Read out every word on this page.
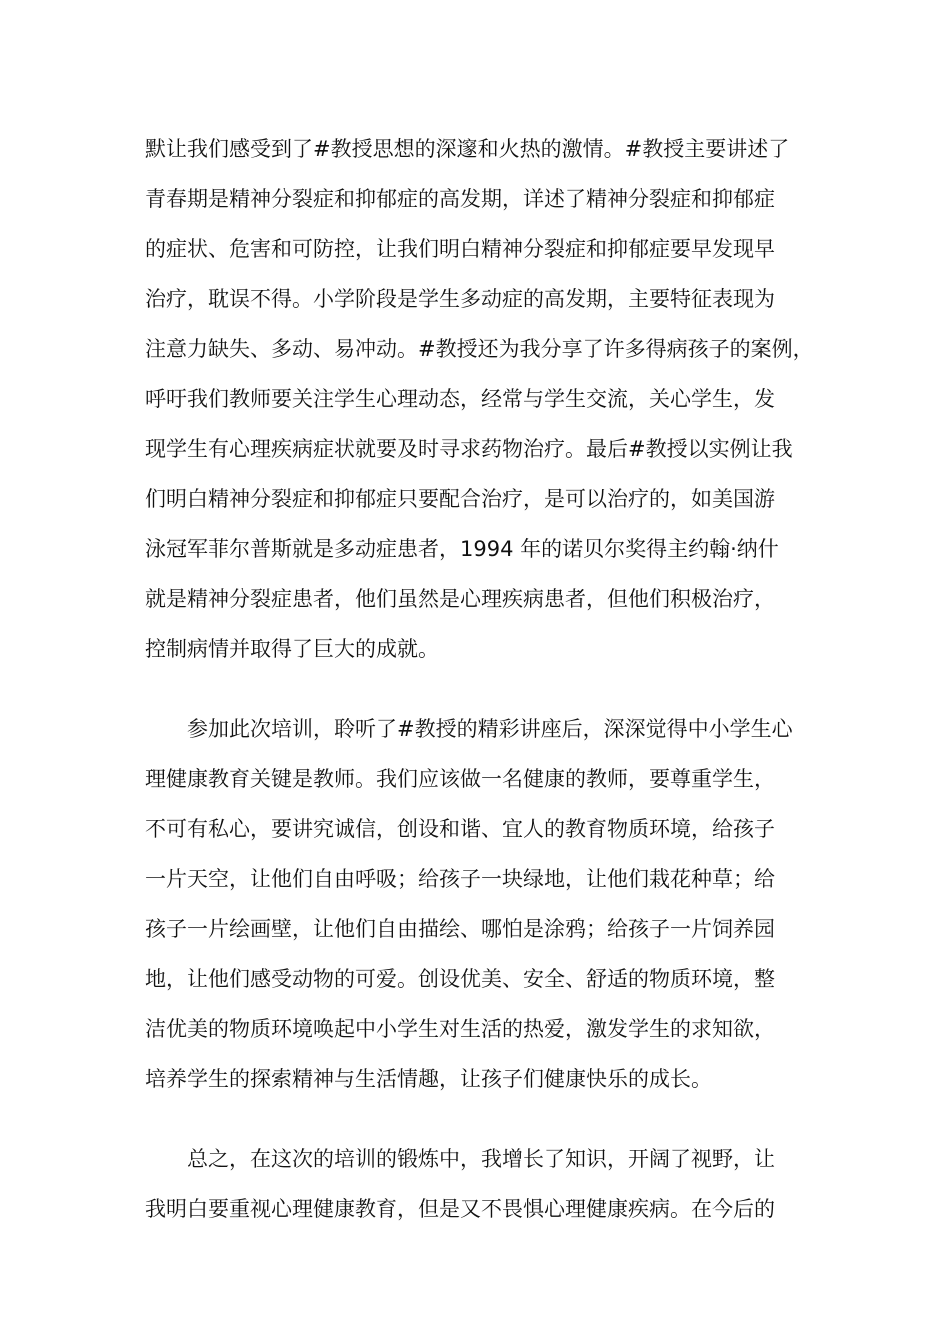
默让我们感受到了#教授思想的深邃和火热的激情。#教授主要讲述了
青春期是精神分裂症和抑郁症的高发期，详述了精神分裂症和抑郁症
的症状、危害和可防控，让我们明白精神分裂症和抑郁症要早发现早
治疗，耽误不得。小学阶段是学生多动症的高发期，主要特征表现为
注意力缺失、多动、易冲动。#教授还为我分享了许多得病孩子的案例，
呼吁我们教师要关注学生心理动态，经常与学生交流，关心学生，发
现学生有心理疾病症状就要及时寻求药物治疗。最后#教授以实例让我
们明白精神分裂症和抑郁症只要配合治疗，是可以治疗的，如美国游
泳冠军菲尔普斯就是多动症患者，1994 年的诺贝尔奖得主约翰·纳什
就是精神分裂症患者，他们虽然是心理疾病患者，但他们积极治疗，
控制病情并取得了巨大的成就。
参加此次培训，聆听了#教授的精彩讲座后，深深觉得中小学生心
理健康教育关键是教师。我们应该做一名健康的教师，要尊重学生，
不可有私心，要讲究诚信，创设和谐、宜人的教育物质环境，给孩子
一片天空，让他们自由呼吸；给孩子一块绿地，让他们栽花种草；给
孩子一片绘画壁，让他们自由描绘、哪怕是涂鸦；给孩子一片饲养园
地，让他们感受动物的可爱。创设优美、安全、舒适的物质环境，整
洁优美的物质环境唤起中小学生对生活的热爱，激发学生的求知欲，
培养学生的探索精神与生活情趣，让孩子们健康快乐的成长。
总之，在这次的培训的锻炼中，我增长了知识，开阔了视野，让
我明白要重视心理健康教育，但是又不畏惧心理健康疾病。在今后的
